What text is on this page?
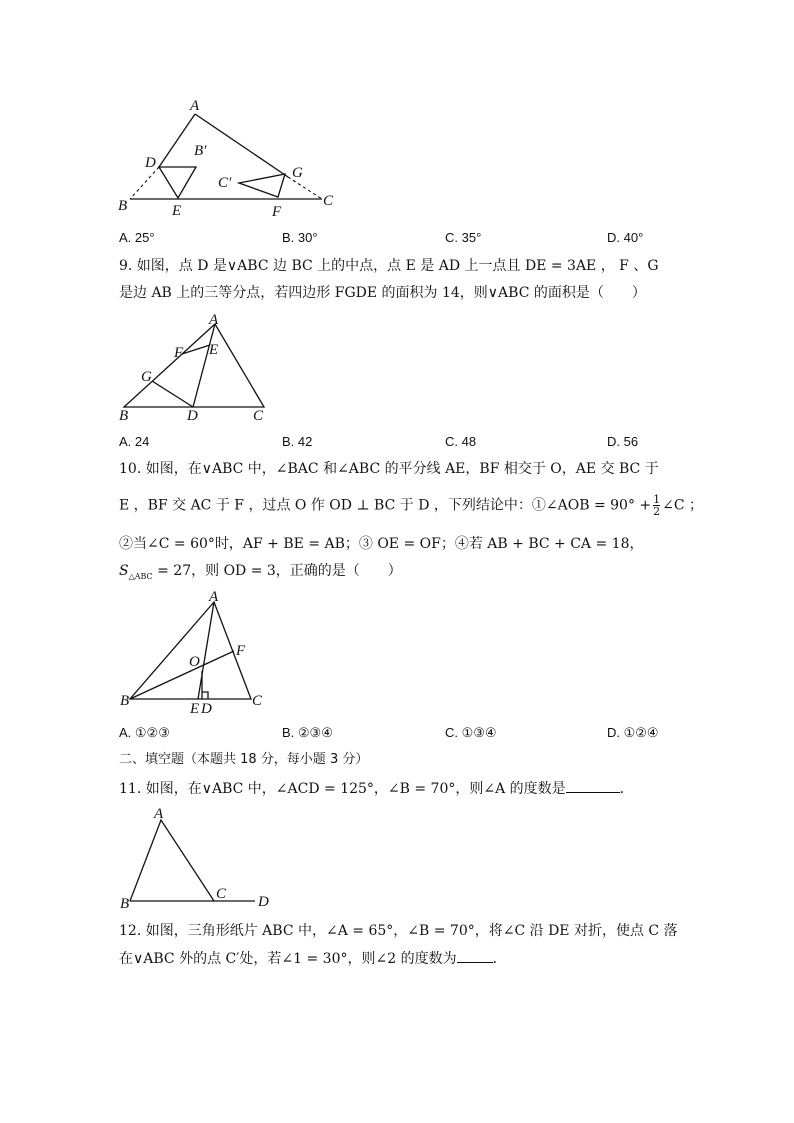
A
B′
D
G
C′
B	E	F
C
A. 25°	B. 30°	C. 35°	D. 40°
9. 如图，点 D 是∨ABC 边 BC 上的中点，点 E 是 AD 上一点且 DE = 3AE ， F 、G
是边 AB 上的三等分点，若四边形 FGDE 的面积为 14，则∨ABC 的面积是（　　）
A
F E
G
B	D	C
A. 24	B. 42	C. 48	D. 56
10. 如图，在∨ABC 中，∠BAC 和∠ABC 的平分线 AE，BF 相交于 O，AE 交 BC 于
E ，BF 交 AC 于 F ，过点 O 作 OD ⊥ BC 于 D ，下列结论中：①∠AOB = $90^\circ + \frac{1}{2}$ ∠C ；
②当∠C = 60°时，AF + BE = AB；③ OE = OF；④若 AB + BC + CA = 18，
$S_{\triangle ABC} = 27$，则 OD = 3，正确的是（　　）
A
F
O
B	E D	C
A. ①②③	B. ②③④	C. ①③④	D. ①②④
二、填空题（本题共 18 分，每小题 3 分）
11. 如图，在∨ABC 中，∠ACD = 125°，∠B = 70°，则∠A 的度数是	．
A
B
C D
12. 如图，三角形纸片 ABC 中，∠A = 65°，∠B = 70°，将∠C 沿 DE 对折，使点 C 落
在∨ABC 外的点 C′处，若∠1 = 30°，则∠2 的度数为	．
